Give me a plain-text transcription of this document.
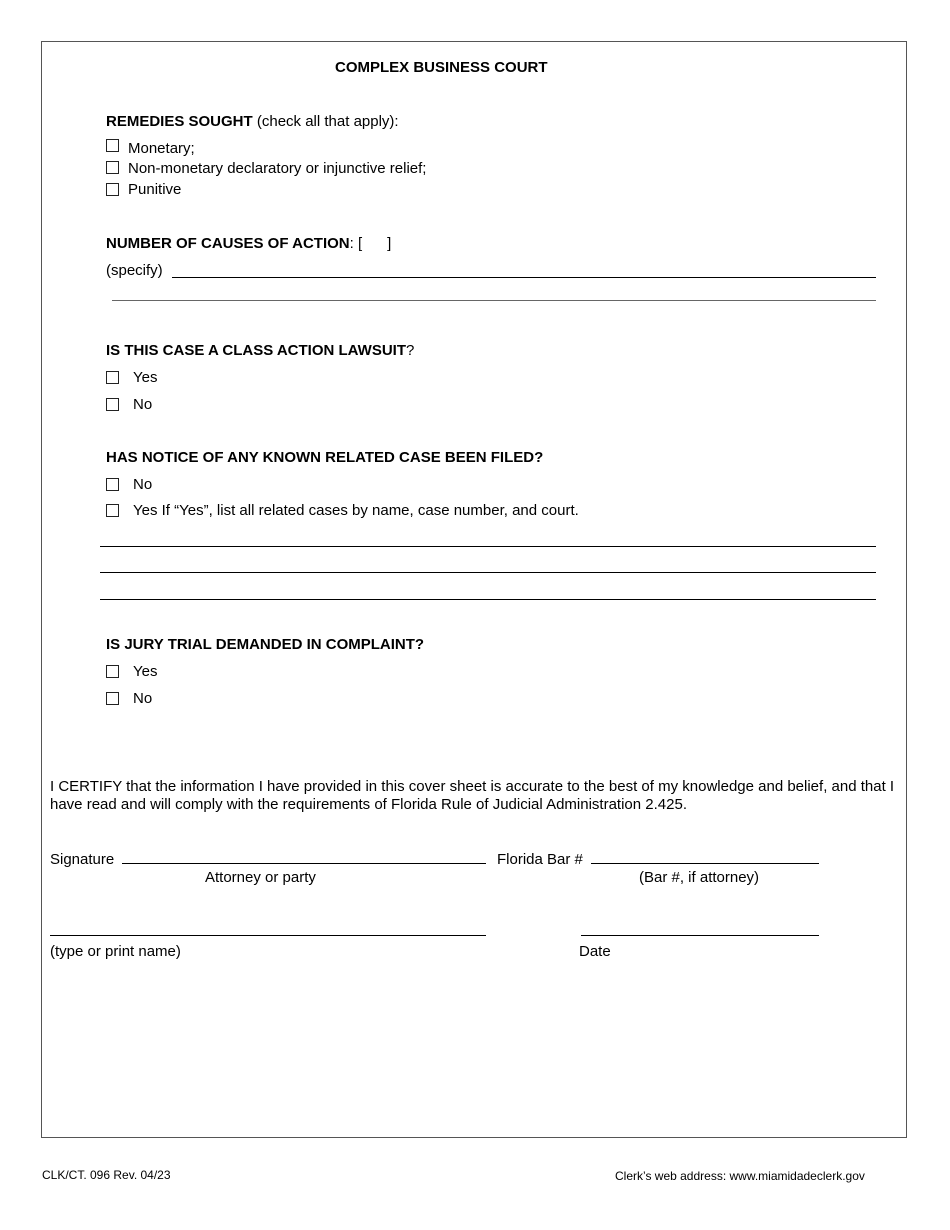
COMPLEX BUSINESS COURT
REMEDIES SOUGHT (check all that apply):
Monetary;
Non-monetary declaratory or injunctive relief;
Punitive
NUMBER OF CAUSES OF ACTION: [      ]
(specify)
IS THIS CASE A CLASS ACTION LAWSUIT?
Yes
No
HAS NOTICE OF ANY KNOWN RELATED CASE BEEN FILED?
No
Yes If “Yes”, list all related cases by name, case number, and court.
IS JURY TRIAL DEMANDED IN COMPLAINT?
Yes
No
I CERTIFY that the information I have provided in this cover sheet is accurate to the best of my knowledge and belief, and that I have read and will comply with the requirements of Florida Rule of Judicial Administration 2.425.
Signature
Attorney or party
Florida Bar #
(Bar #, if attorney)
(type or print name)	Date
CLK/CT. 096 Rev. 04/23	Clerk’s web address: www.miamidadeclerk.gov
